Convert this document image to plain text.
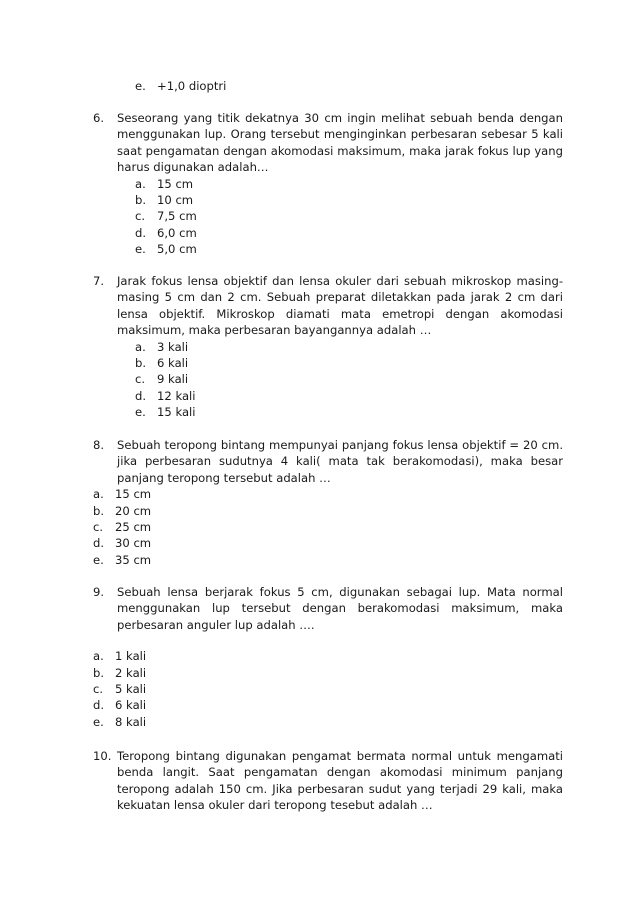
e. +1,0 dioptri
6. Seseorang yang titik dekatnya 30 cm ingin melihat sebuah benda dengan menggunakan lup. Orang tersebut menginginkan perbesaran sebesar 5 kali saat pengamatan dengan akomodasi maksimum, maka jarak fokus lup yang harus digunakan adalah…
a. 15 cm
b. 10 cm
c.	7,5 cm
d. 6,0 cm
e. 5,0 cm
7. Jarak fokus lensa objektif dan lensa okuler dari sebuah mikroskop masing-masing 5 cm dan 2 cm. Sebuah preparat diletakkan pada jarak 2 cm dari lensa objektif. Mikroskop diamati mata emetropi dengan akomodasi maksimum, maka perbesaran bayangannya adalah …
a. 3 kali
b. 6 kali
c.	9 kali
d. 12 kali
e. 15 kali
8. Sebuah teropong bintang mempunyai panjang fokus lensa objektif = 20 cm. jika perbesaran sudutnya 4 kali( mata tak berakomodasi), maka besar panjang teropong tersebut adalah …
a. 15 cm
b. 20 cm
c.	25 cm
d. 30 cm
e. 35 cm
9. Sebuah lensa berjarak fokus 5 cm, digunakan sebagai lup. Mata normal menggunakan lup tersebut dengan berakomodasi maksimum, maka perbesaran anguler lup adalah ….
a. 1 kali
b. 2 kali
c.	5 kali
d. 6 kali
e. 8 kali
10. Teropong bintang digunakan pengamat bermata normal untuk mengamati benda langit. Saat pengamatan dengan akomodasi minimum panjang teropong adalah 150 cm. Jika perbesaran sudut yang terjadi 29 kali, maka kekuatan lensa okuler dari teropong tesebut adalah …
